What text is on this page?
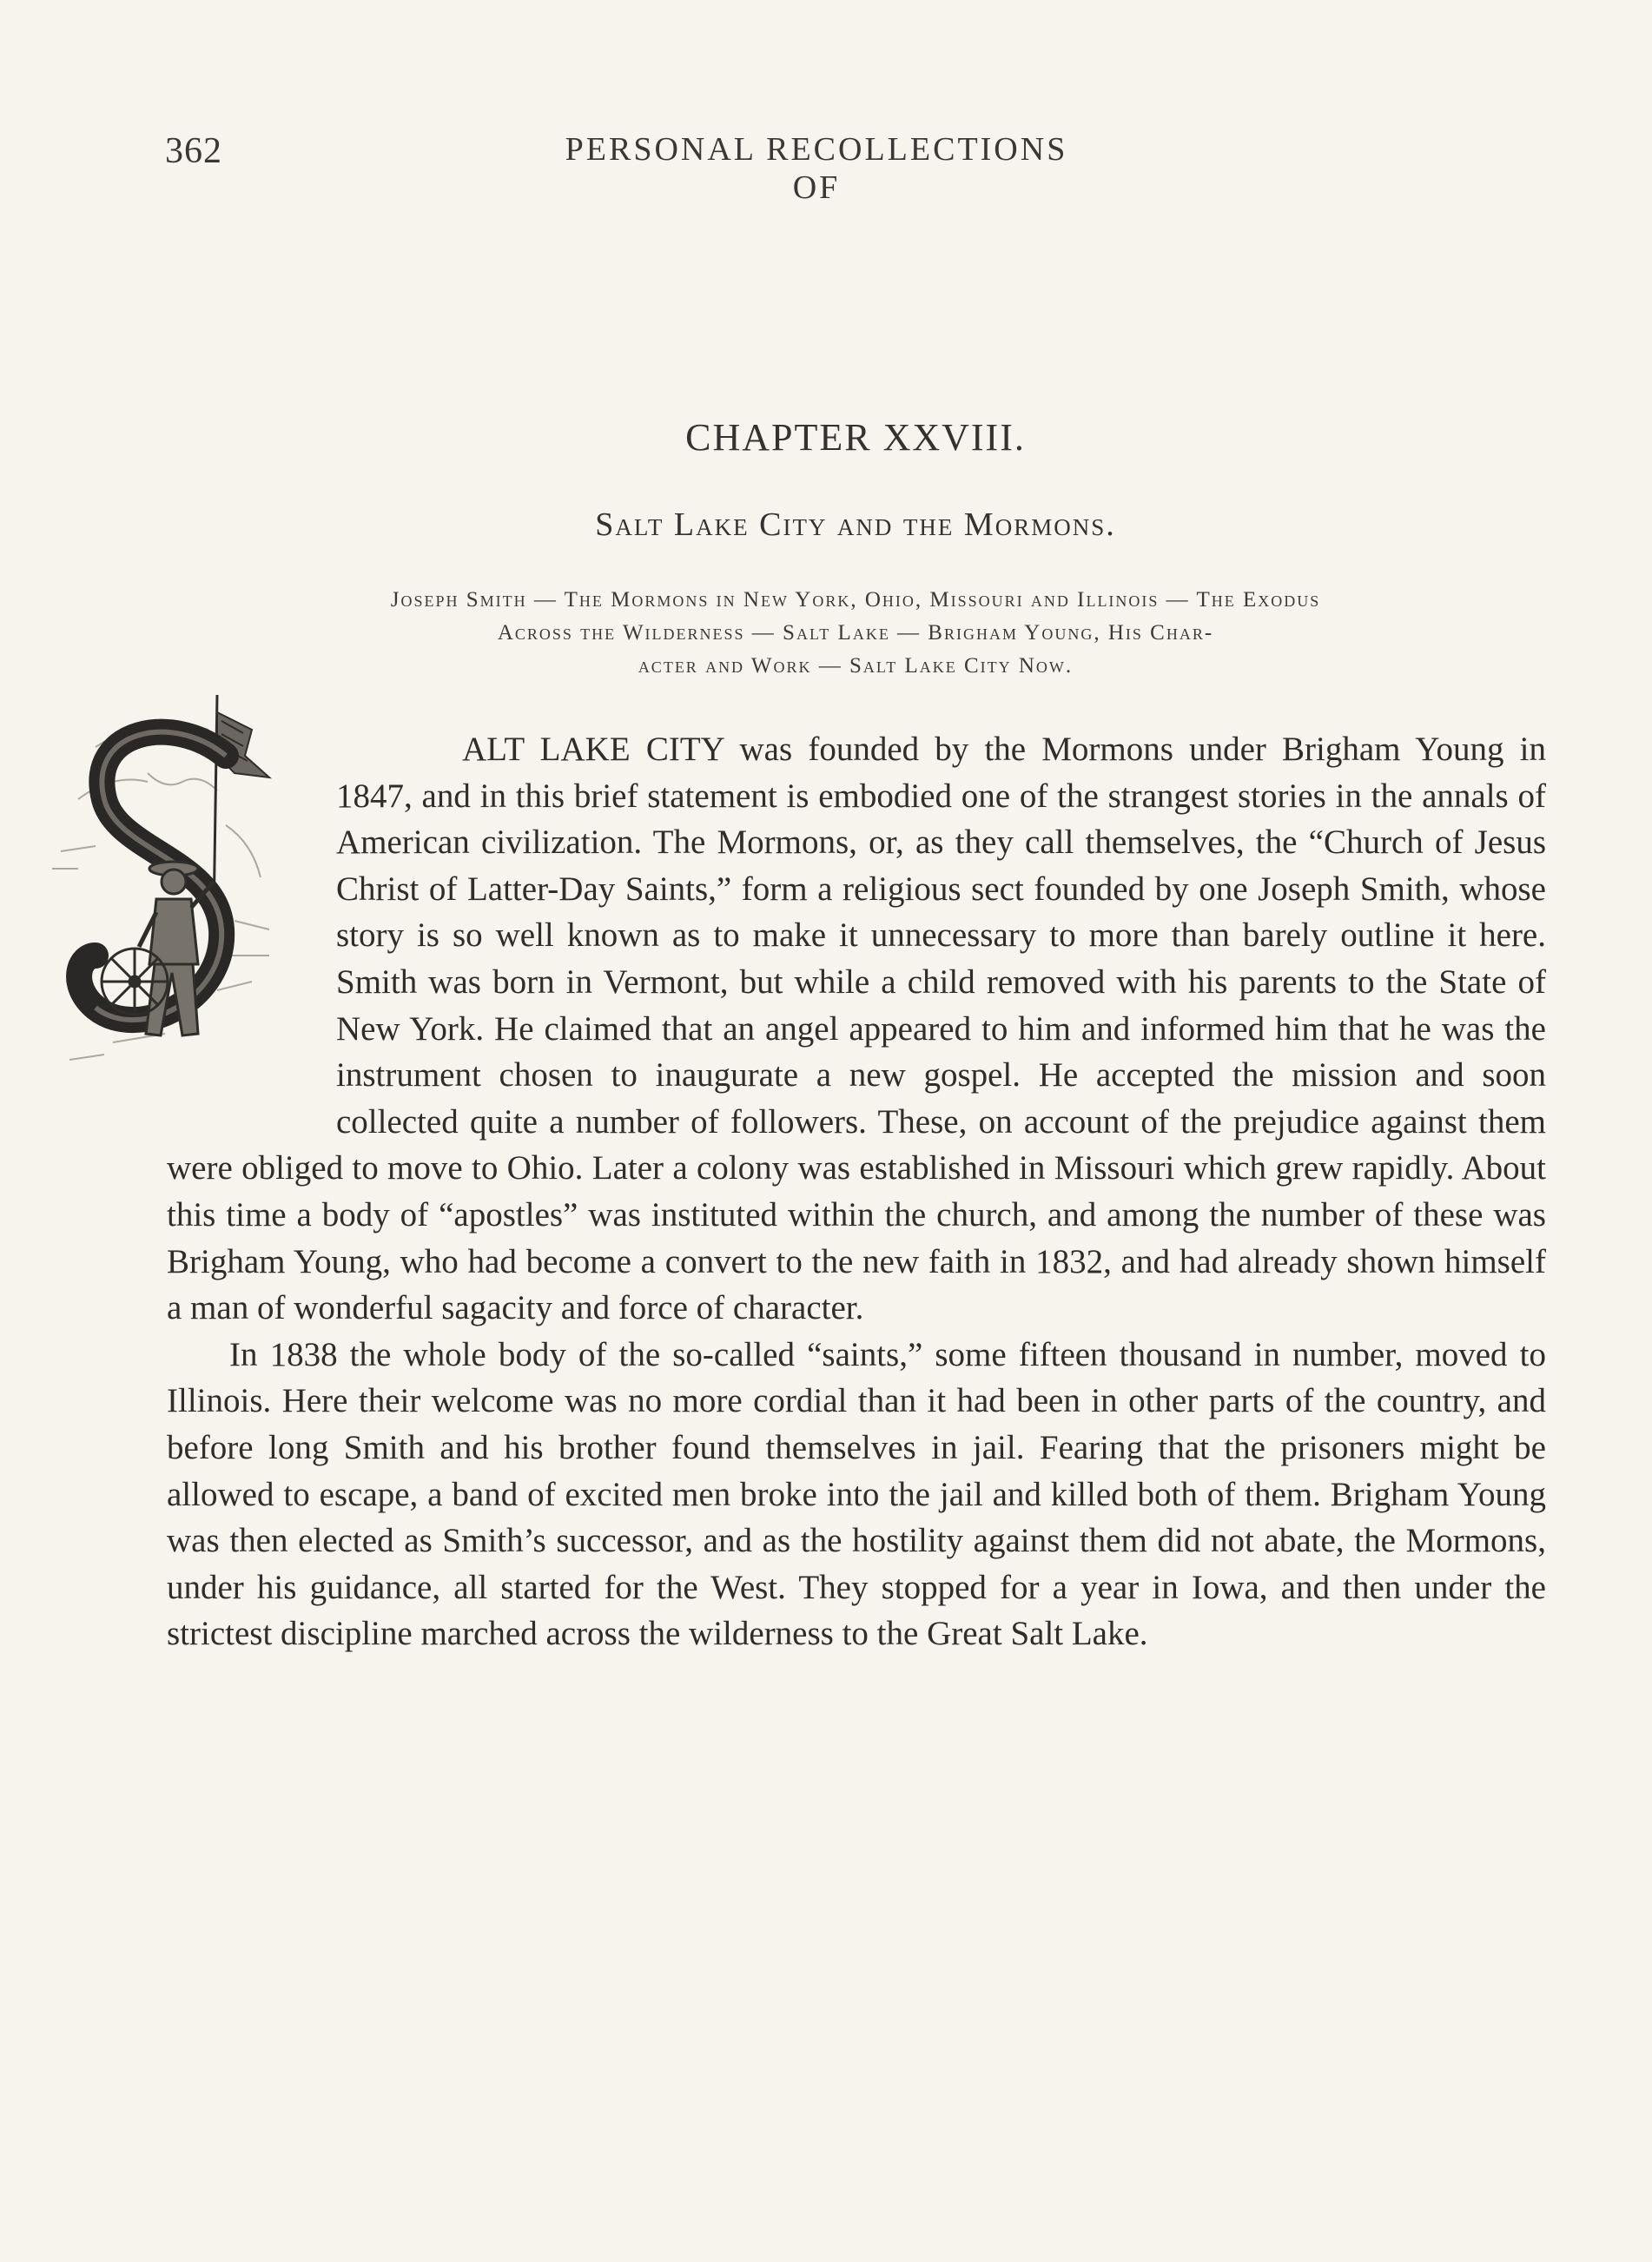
362	PERSONAL RECOLLECTIONS OF
CHAPTER XXVIII.
Salt Lake City and the Mormons.
Joseph Smith — The Mormons in New York, Ohio, Missouri and Illinois — The Exodus
Across the Wilderness — Salt Lake — Brigham Young, His Char-
acter and Work — Salt Lake City Now.

ALT LAKE CITY was founded by the Mormons under Brigham Young in 1847, and in this brief statement is embodied one of the strangest stories in the annals of American civilization. The Mormons, or, as they call themselves, the “Church of Jesus Christ of Latter-Day Saints,” form a religious sect founded by one Joseph Smith, whose story is so well known as to make it unnecessary to more than barely outline it here. Smith was born in Vermont, but while a child removed with his parents to the State of New York. He claimed that an angel appeared to him and informed him that he was the instrument chosen to inaugurate a new gospel. He accepted the mission and soon collected quite a number of followers. These, on account of the prejudice against them were obliged to move to Ohio. Later a colony was established in Missouri which grew rapidly. About this time a body of “apostles” was instituted within the church, and among the number of these was Brigham Young, who had become a convert to the new faith in 1832, and had already shown himself a man of wonderful sagacity and force of character.

In 1838 the whole body of the so-called “saints,” some fifteen thousand in number, moved to Illinois. Here their welcome was no more cordial than it had been in other parts of the country, and before long Smith and his brother found themselves in jail. Fearing that the prisoners might be allowed to escape, a band of excited men broke into the jail and killed both of them. Brigham Young was then elected as Smith’s successor, and as the hostility against them did not abate, the Mormons, under his guidance, all started for the West. They stopped for a year in Iowa, and then under the strictest discipline marched across the wilderness to the Great Salt Lake.
